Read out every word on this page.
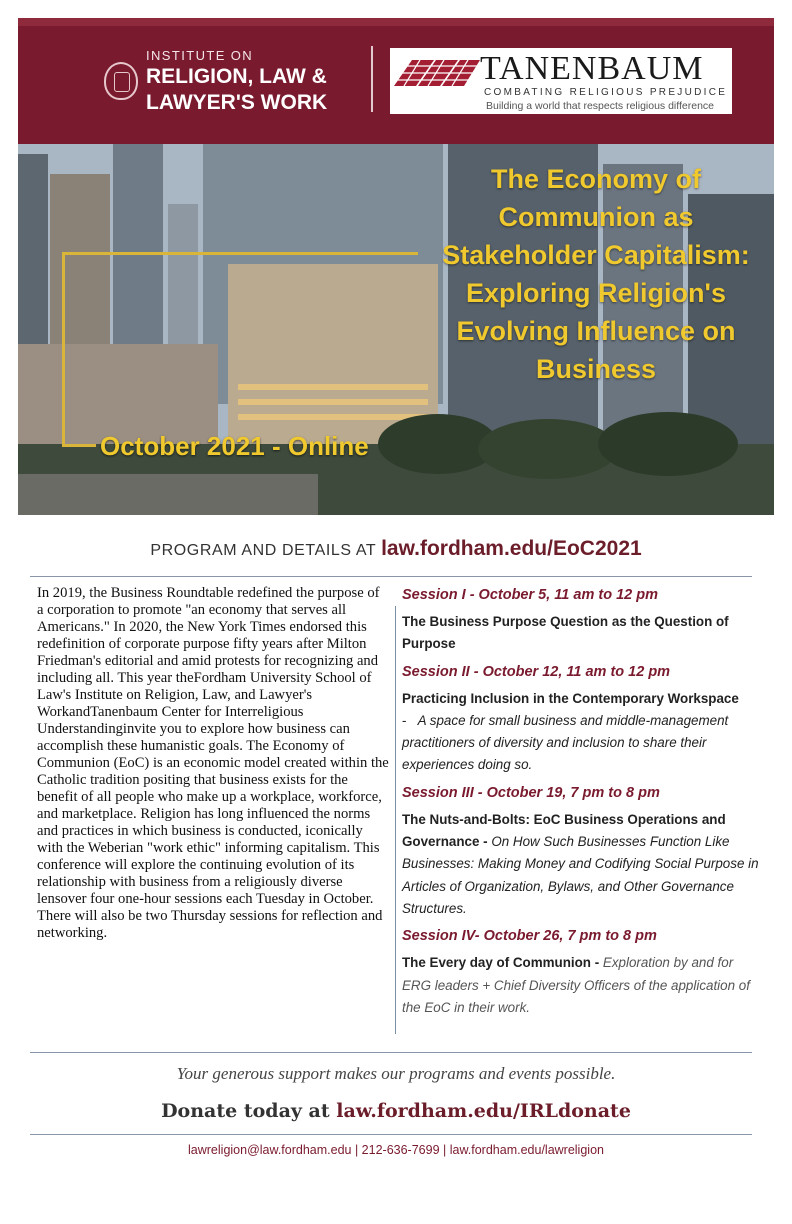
INSTITUTE ON
RELIGION, LAW &
LAWYER'S WORK
TANENBAUM
COMBATING RELIGIOUS PREJUDICE
Building a world that respects religious difference
The Economy of
Communion as
Stakeholder Capitalism:
Exploring Religion's
Evolving Influence on
Business
October 2021 - Online
PROGRAM AND DETAILS AT law.fordham.edu/EoC2021
In 2019, the Business Roundtable redefined the purpose of a corporation to promote "an economy that serves all Americans." In 2020, the New York Times endorsed this redefinition of corporate purpose fifty years after Milton Friedman's editorial and amid protests for recognizing and including all. This year theFordham University School of Law's Institute on Religion, Law, and Lawyer's WorkandTanenbaum Center for Interreligious Understandinginvite you to explore how business can accomplish these humanistic goals. The Economy of Communion (EoC) is an economic model created within the Catholic tradition positing that business exists for the benefit of all people who make up a workplace, workforce, and marketplace. Religion has long influenced the norms and practices in which business is conducted, iconically with the Weberian "work ethic" informing capitalism. This conference will explore the continuing evolution of its relationship with business from a religiously diverse lensover four one-hour sessions each Tuesday in October. There will also be two Thursday sessions for reflection and networking.
Session I - October 5, 11 am to 12 pm
The Business Purpose Question as the Question of Purpose
Session II - October 12, 11 am to 12 pm
Practicing Inclusion in the Contemporary Workspace
-   A space for small business and middle-management practitioners of diversity and inclusion to share their experiences doing so.
Session III - October 19, 7 pm to 8 pm
The Nuts-and-Bolts: EoC Business Operations and Governance - On How Such Businesses Function Like Businesses: Making Money and Codifying Social Purpose in Articles of Organization, Bylaws, and Other Governance Structures.
Session IV- October 26, 7 pm to 8 pm
The Every day of Communion - Exploration by and for ERG leaders + Chief Diversity Officers of the application of the EoC in their work.
Your generous support makes our programs and events possible.
Donate today at law.fordham.edu/IRLdonate
lawreligion@law.fordham.edu | 212-636-7699 | law.fordham.edu/lawreligion
